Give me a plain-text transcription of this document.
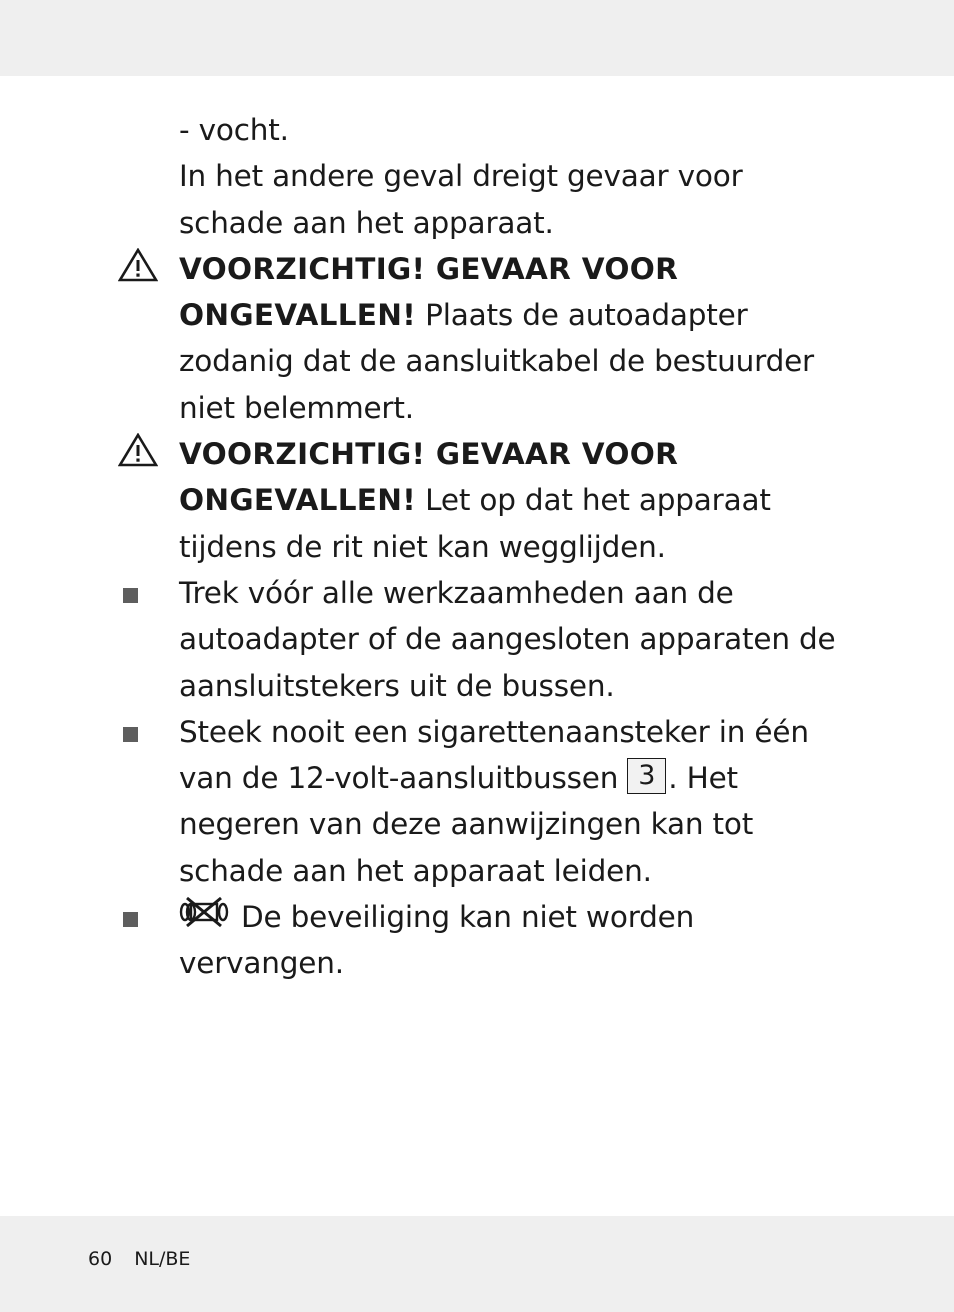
- vocht.

In het andere geval dreigt gevaar voor schade aan het apparaat.

VOORZICHTIG! GEVAAR VOOR ONGEVALLEN! Plaats de autoadapter zodanig dat de aansluitkabel de bestuurder niet belemmert.
VOORZICHTIG! GEVAAR VOOR ONGEVALLEN! Let op dat het apparaat tijdens de rit niet kan wegglijden.
Trek vóór alle werkzaamheden aan de autoadapter of de aangesloten apparaten de aansluitstekers uit de bussen.
Steek nooit een sigarettenaansteker in één van de 12-volt-aansluitbussen 3 . Het negeren van deze aanwijzingen kan tot schade aan het apparaat leiden.
De beveiliging kan niet worden vervangen.
60 NL/BE
